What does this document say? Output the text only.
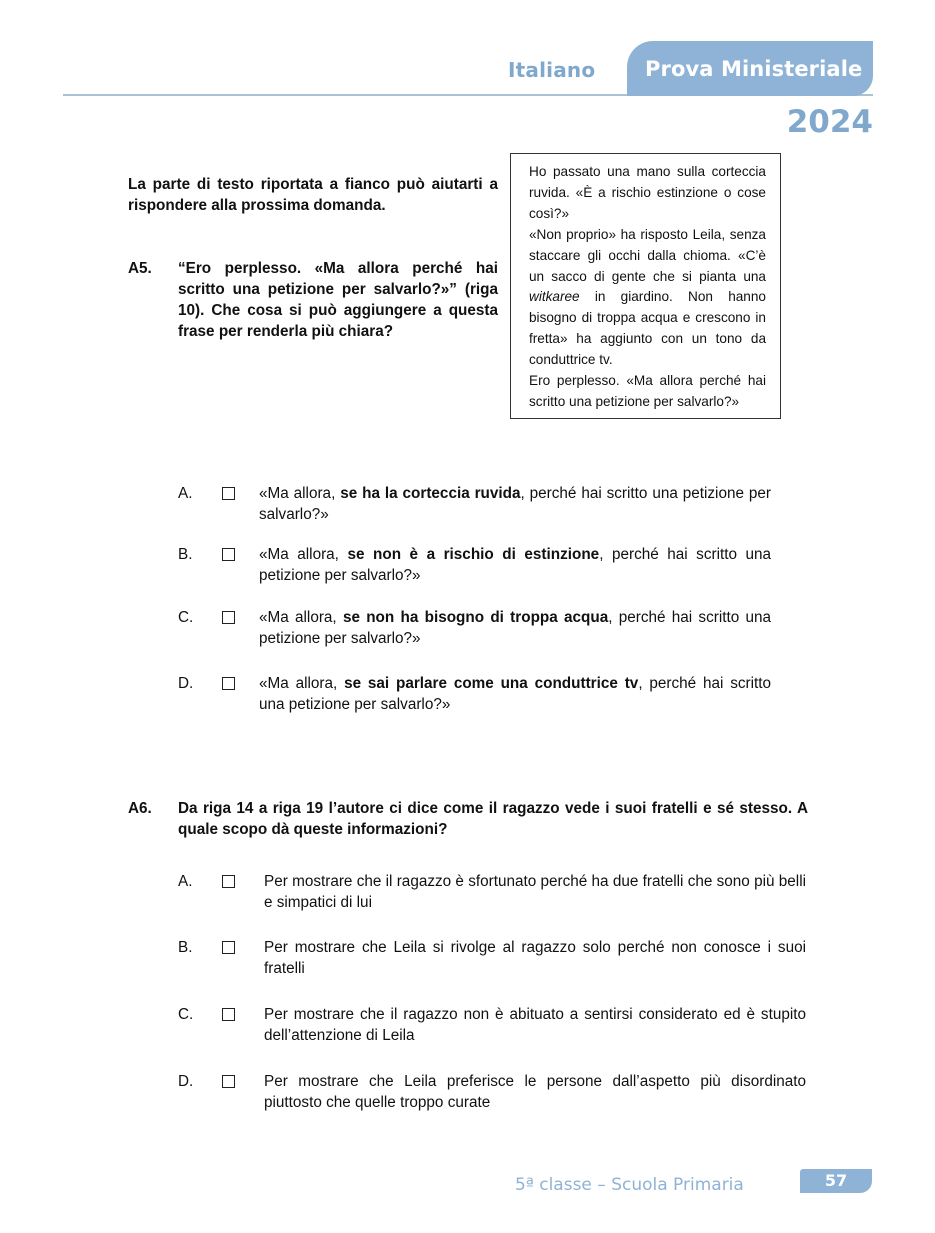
Italiano Prova Ministeriale
2024
La parte di testo riportata a fianco può aiutarti a rispondere alla prossima domanda.

Ho passato una mano sulla corteccia ruvida. «È a rischio estinzione o cose così?»

«Non proprio» ha risposto Leila, senza staccare gli occhi dalla chioma. «C’è un sacco di gente che si pianta una witkaree in giardino. Non hanno bisogno di troppa acqua e crescono in fretta» ha aggiunto con un tono da conduttrice tv.

Ero perplesso. «Ma allora perché hai scritto una petizione per salvarlo?»

A5. “Ero perplesso. «Ma allora perché hai scritto una petizione per salvarlo?»” (riga 10). Che cosa si può aggiungere a questa frase per renderla più chiara?
A.	«Ma allora, se ha la corteccia ruvida, perché hai scritto una petizione per salvarlo?»
B.	«Ma allora, se non è a rischio di estinzione, perché hai scritto una petizione per salvarlo?»
C.	«Ma allora, se non ha bisogno di troppa acqua, perché hai scritto una petizione per salvarlo?»
D.	«Ma allora, se sai parlare come una conduttrice tv, perché hai scritto una petizione per salvarlo?»
A6. Da riga 14 a riga 19 l’autore ci dice come il ragazzo vede i suoi fratelli e sé stesso. A quale scopo dà queste informazioni?
A.	Per mostrare che il ragazzo è sfortunato perché ha due fratelli che sono più belli e simpatici di lui
B.	Per mostrare che Leila si rivolge al ragazzo solo perché non conosce i suoi fratelli
C.	Per mostrare che il ragazzo non è abituato a sentirsi considerato ed è stupito dell’attenzione di Leila
D.	Per mostrare che Leila preferisce le persone dall’aspetto più disordinato piuttosto che quelle troppo curate
5ª classe – Scuola Primaria	57
